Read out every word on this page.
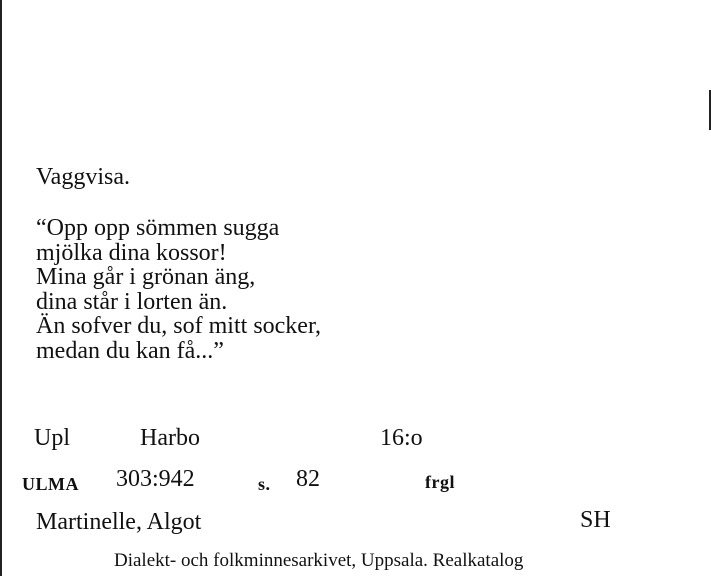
Vaggvisa.
“Opp opp sömmen sugga
mjölka dina kossor!
Mina går i grönan äng,
dina står i lorten än.
Än sofver du, sof mitt socker,
medan du kan få...”
Upl	Harbo	16:o
ULMA 303:942	s. 82	frgl
Martinelle, Algot	SH
Dialekt- och folkminnesarkivet, Uppsala. Realkatalog
